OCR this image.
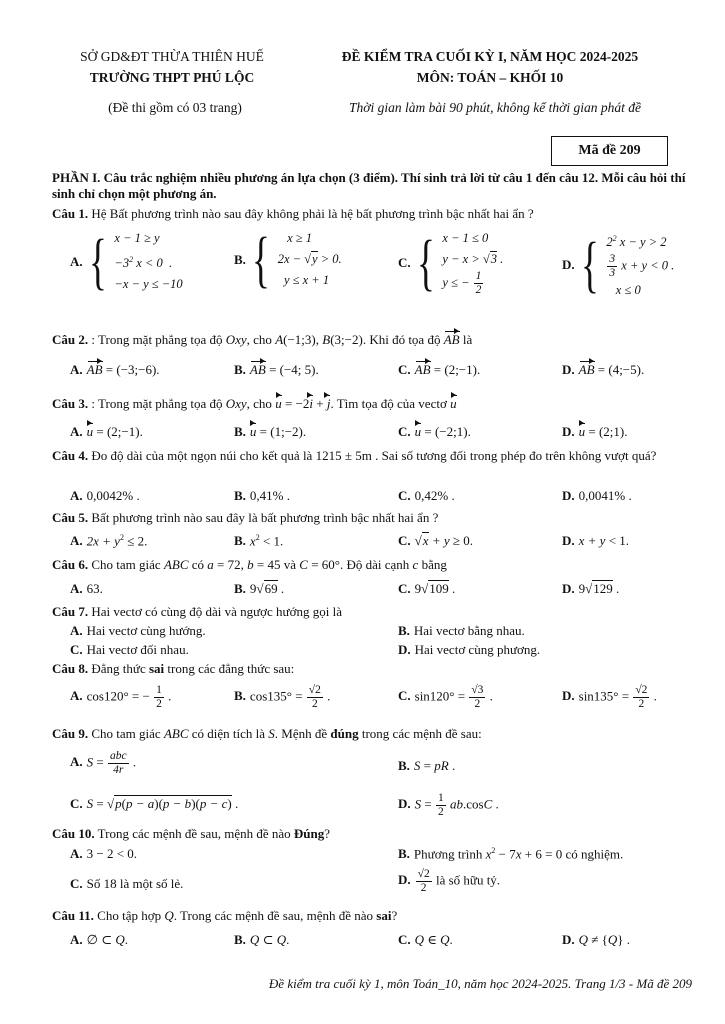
SỞ GD&ĐT THỪA THIÊN HUẾ
TRƯỜNG THPT PHÚ LỘC
ĐỀ KIỂM TRA CUỐI KỲ I, NĂM HỌC 2024-2025
MÔN: TOÁN – KHỐI 10
(Đề thi gồm có 03 trang)	Thời gian làm bài 90 phút, không kể thời gian phát đề
Mã đề 209
PHẦN I. Câu trắc nghiệm nhiều phương án lựa chọn (3 điểm). Thí sinh trả lời từ câu 1 đến câu 12. Mỗi câu hỏi thí sinh chỉ chọn một phương án.
Câu 1. Hệ Bất phương trình nào sau đây không phải là hệ bất phương trình bậc nhất hai ẩn ?
A. { x − 1 ≥ y
$-3^2$ x < 0  .
−x − y ≤ −10
B. { x ≥ 1
2x − √y > 0.
y ≤ x + 1
C. { x − 1 ≤ 0
y − x > √3 .
y ≤ − $\frac{1}{2}$
D. { $2^2$ x − y > 2
$\frac{3}{3}$ x + y < 0 .
x ≤ 0
Câu 2. : Trong mặt phẳng tọa độ Oxy, cho A(−1;3), B(3;−2). Khi đó tọa độ AB là
A. AB = (−3;−6).	B. AB = (−4; 5).	C. AB = (2;−1).	D. AB = (4;−5).
Câu 3. : Trong mặt phẳng tọa độ Oxy, cho u = −2i + j. Tìm tọa độ của vectơ u
A. u = (2;−1).	B. u = (1;−2).	C. u = (−2;1).	D. u = (2;1).
Câu 4. Đo độ dài của một ngọn núi cho kết quả là 1215 ± 5m . Sai số tương đối trong phép đo trên không vượt quá?
A. 0,0042% .	B. 0,41% .	C. 0,42% .	D. 0,0041% .
Câu 5. Bất phương trình nào sau đây là bất phương trình bậc nhất hai ẩn ?
A. $2x + y^2 \le 2$.	B. $x^2 < 1$.	C. √x + y ≥ 0.	D. x + y < 1.
Câu 6. Cho tam giác ABC có a = 72, b = 45 và C = 60°. Độ dài cạnh c bằng
A. 63.	B. 9√69 .	C. 9√109 .	D. 9√129 .
Câu 7. Hai vectơ có cùng độ dài và ngược hướng gọi là
A. Hai vectơ cùng hướng.	B. Hai vectơ bằng nhau.
C. Hai vectơ đối nhau.	D. Hai vectơ cùng phương.
Câu 8. Đẳng thức sai trong các đẳng thức sau:
A. cos120° = − $\frac{1}{2}$ .	B. $\cos 135^\circ = \frac{√2}{2}$ .	C. $\sin 120^\circ = \frac{√3}{2}$ .	D. $\sin 135^\circ = \frac{√2}{2}$ .
Câu 9. Cho tam giác ABC có diện tích là S. Mệnh đề đúng trong các mệnh đề sau:
A. $S = \frac{\text{abc}}{4r}$ .	B. S = pR .
C. S = √p(p − a)(p − b)(p − c) .	D. $S = \frac{1}{2} ab.\cos C$ .
Câu 10. Trong các mệnh đề sau, mệnh đề nào Đúng?
A. 3 − 2 < 0.	B. Phương trình $x^2 - 7x + 6 = 0$ có nghiệm.
C. Số 18 là một số lẻ.	D. $\frac{√2}{2}$ là số hữu tỷ.
Câu 11. Cho tập hợp Q. Trong các mệnh đề sau, mệnh đề nào sai?
A. ∅ ⊂ Q.	B. Q ⊂ Q.	C. Q ∈ Q.	D. Q ≠ {Q} .
Đề kiểm tra cuối kỳ 1, môn Toán_10, năm học 2024-2025. Trang 1/3 - Mã đề 209
